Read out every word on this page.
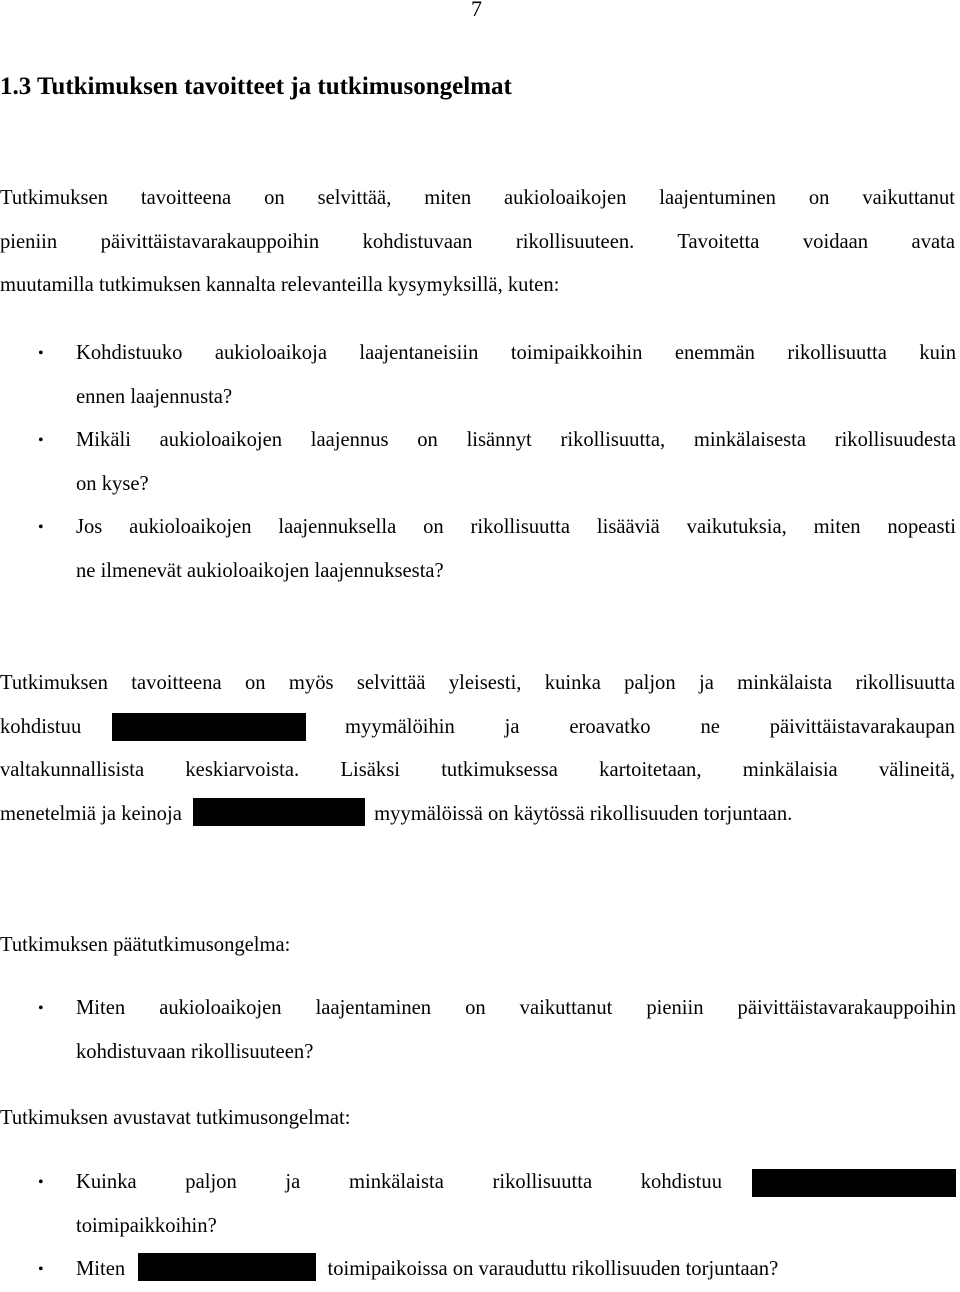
7
1.3 Tutkimuksen tavoitteet ja tutkimusongelmat
Tutkimuksen tavoitteena on selvittää, miten aukioloaikojen laajentuminen on vaikuttanut
pieniin päivittäistavarakauppoihin kohdistuvaan rikollisuuteen. Tavoitetta voidaan avata
muutamilla tutkimuksen kannalta relevanteilla kysymyksillä, kuten:
• Kohdistuuko aukioloaikoja laajentaneisiin toimipaikkoihin enemmän rikollisuutta kuin
ennen laajennusta?
• Mikäli aukioloaikojen laajennus on lisännyt rikollisuutta, minkälaisesta rikollisuudesta
on kyse?
• Jos aukioloaikojen laajennuksella on rikollisuutta lisääviä vaikutuksia, miten nopeasti
ne ilmenevät aukioloaikojen laajennuksesta?
Tutkimuksen tavoitteena on myös selvittää yleisesti, kuinka paljon ja minkälaista rikollisuutta
kohdistuu	myymälöihin ja eroavatko ne päivittäistavarakaupan
valtakunnallisista keskiarvoista. Lisäksi tutkimuksessa kartoitetaan, minkälaisia välineitä,
menetelmiä ja keinoja	myymälöissä on käytössä rikollisuuden torjuntaan.
Tutkimuksen päätutkimusongelma:
• Miten aukioloaikojen laajentaminen on vaikuttanut pieniin päivittäistavarakauppoihin
kohdistuvaan rikollisuuteen?
Tutkimuksen avustavat tutkimusongelmat:
• Kuinka paljon ja minkälaista rikollisuutta kohdistuu
toimipaikkoihin?
• Miten	toimipaikoissa on varauduttu rikollisuuden torjuntaan?
